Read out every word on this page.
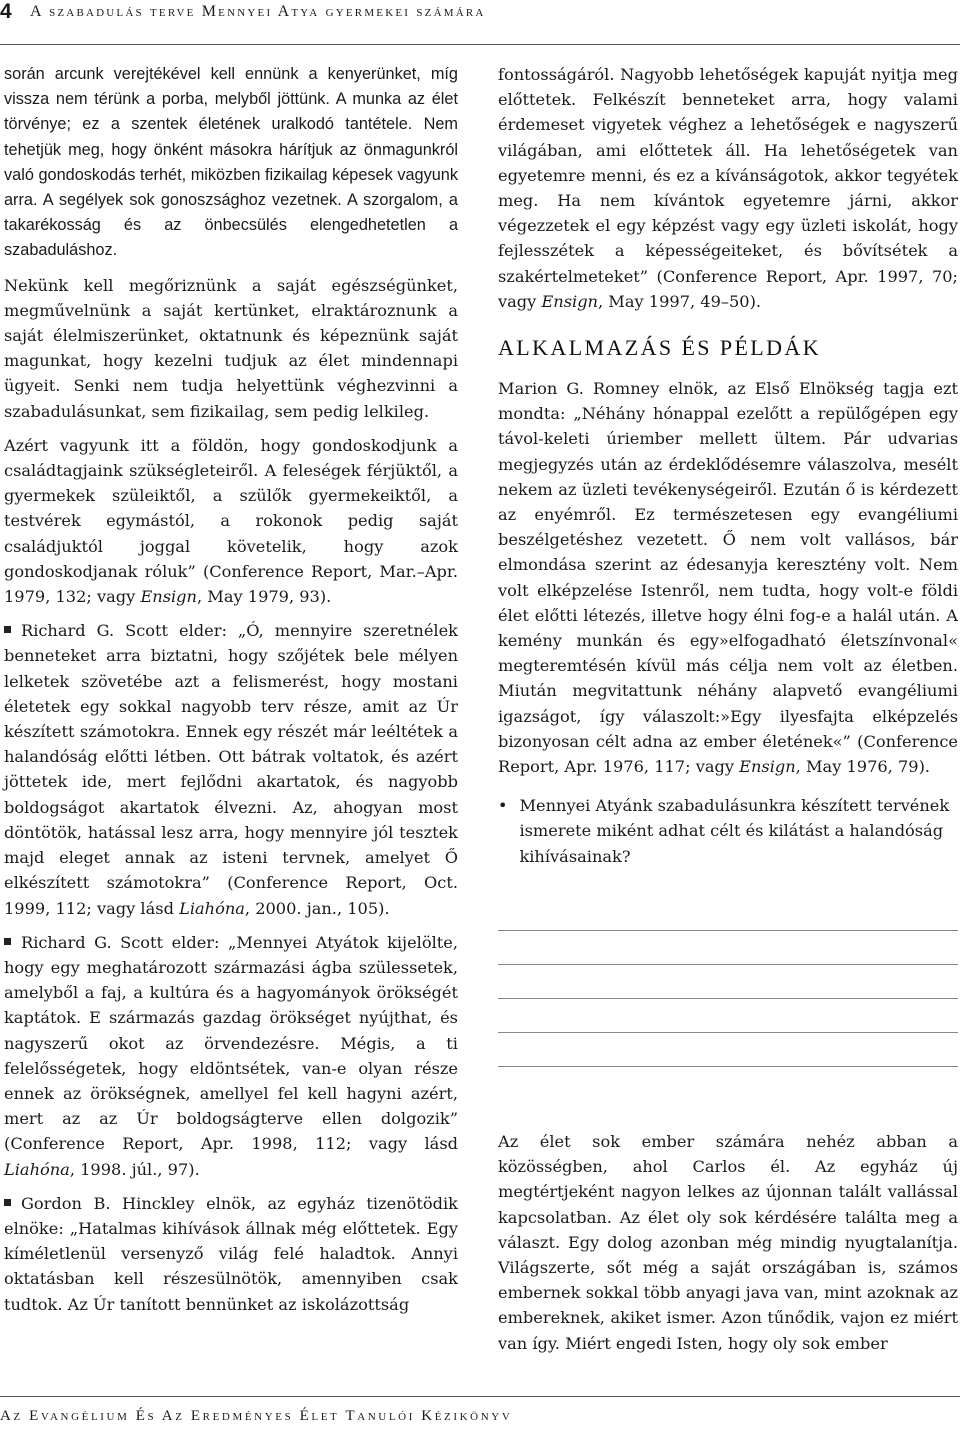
4 A szabadulás terve Mennyei Atya gyermekei számára

során arcunk verejtékével kell ennünk a kenyerünket, míg vissza nem térünk a porba, melyből jöttünk. A munka az élet törvénye; ez a szentek életének uralkodó tantétele. Nem tehetjük meg, hogy önként másokra hárítjuk az önmagunkról való gondoskodás terhét, miközben fizikailag képesek vagyunk arra. A segélyek sok gonoszsághoz vezetnek. A szorgalom, a takarékosság és az önbecsülés elengedhetetlen a szabaduláshoz.

Nekünk kell megőriznünk a saját egészségünket, megművelnünk a saját kertünket, elraktároznunk a saját élelmiszerünket, oktatnunk és képeznünk saját magunkat, hogy kezelni tudjuk az élet mindennapi ügyeit. Senki nem tudja helyettünk véghezvinni a szabadulásunkat, sem fizikailag, sem pedig lelkileg.

Azért vagyunk itt a földön, hogy gondoskodjunk a családtagjaink szükségleteiről. A feleségek férjüktől, a gyermekek szüleiktől, a szülők gyermekeiktől, a testvérek egymástól, a rokonok pedig saját családjuktól joggal követelik, hogy azok gondoskodjanak róluk” (Conference Report, Mar.–Apr. 1979, 132; vagy Ensign, May 1979, 93).

Richard G. Scott elder: „Ó, mennyire szeretnélek benneteket arra biztatni, hogy szőjétek bele mélyen lelketek szövetébe azt a felismerést, hogy mostani életetek egy sokkal nagyobb terv része, amit az Úr készített számotokra. Ennek egy részét már leéltétek a halandóság előtti létben. Ott bátrak voltatok, és azért jöttetek ide, mert fejlődni akartatok, és nagyobb boldogságot akartatok élvezni. Az, ahogyan most döntötök, hatással lesz arra, hogy mennyire jól tesztek majd eleget annak az isteni tervnek, amelyet Ő elkészített számotokra” (Conference Report, Oct. 1999, 112; vagy lásd Liahóna, 2000. jan., 105).

Richard G. Scott elder: „Mennyei Atyátok kijelölte, hogy egy meghatározott származási ágba szülessetek, amelyből a faj, a kultúra és a hagyományok örökségét kaptátok. E származás gazdag örökséget nyújthat, és nagyszerű okot az örvendezésre. Mégis, a ti felelősségetek, hogy eldöntsétek, van-e olyan része ennek az örökségnek, amellyel fel kell hagyni azért, mert az az Úr boldogságterve ellen dolgozik” (Conference Report, Apr. 1998, 112; vagy lásd Liahóna, 1998. júl., 97).

Gordon B. Hinckley elnök, az egyház tizenötödik elnöke: „Hatalmas kihívások állnak még előttetek. Egy kíméletlenül versenyző világ felé haladtok. Annyi oktatásban kell részesülnötök, amennyiben csak tudtok. Az Úr tanított bennünket az iskolázottság

fontosságáról. Nagyobb lehetőségek kapuját nyitja meg előttetek. Felkészít benneteket arra, hogy valami érdemeset vigyetek véghez a lehetőségek e nagyszerű világában, ami előttetek áll. Ha lehetőségetek van egyetemre menni, és ez a kívánságotok, akkor tegyétek meg. Ha nem kívántok egyetemre járni, akkor végezzetek el egy képzést vagy egy üzleti iskolát, hogy fejlesszétek a képességeiteket, és bővítsétek a szakértelmeteket” (Conference Report, Apr. 1997, 70; vagy Ensign, May 1997, 49–50).

ALKALMAZÁS ÉS PÉLDÁK

Marion G. Romney elnök, az Első Elnökség tagja ezt mondta: „Néhány hónappal ezelőtt a repülőgépen egy távol-keleti úriember mellett ültem. Pár udvarias megjegyzés után az érdeklődésemre válaszolva, mesélt nekem az üzleti tevékenységeiről. Ezután ő is kérdezett az enyémről. Ez természetesen egy evangéliumi beszélgetéshez vezetett. Ő nem volt vallásos, bár elmondása szerint az édesanyja keresztény volt. Nem volt elképzelése Istenről, nem tudta, hogy volt-e földi élet előtti létezés, illetve hogy élni fog-e a halál után. A kemény munkán és egy»elfogadható életszínvonal« megteremtésén kívül más célja nem volt az életben. Miután megvitattunk néhány alapvető evangéliumi igazságot, így válaszolt:»Egy ilyesfajta elképzelés bizonyosan célt adna az ember életének«” (Conference Report, Apr. 1976, 117; vagy Ensign, May 1976, 79).

• Mennyei Atyánk szabadulásunkra készített tervének ismerete miként adhat célt és kilátást a halandóság kihívásainak?

Az élet sok ember számára nehéz abban a közösségben, ahol Carlos él. Az egyház új megtértjeként nagyon lelkes az újonnan talált vallással kapcsolatban. Az élet oly sok kérdésére találta meg a választ. Egy dolog azonban még mindig nyugtalanítja. Világszerte, sőt még a saját országában is, számos embernek sokkal több anyagi java van, mint azoknak az embereknek, akiket ismer. Azon tűnődik, vajon ez miért van így. Miért engedi Isten, hogy oly sok ember

Az Evangélium És Az Eredményes Élet Tanulói Kézikönyv
